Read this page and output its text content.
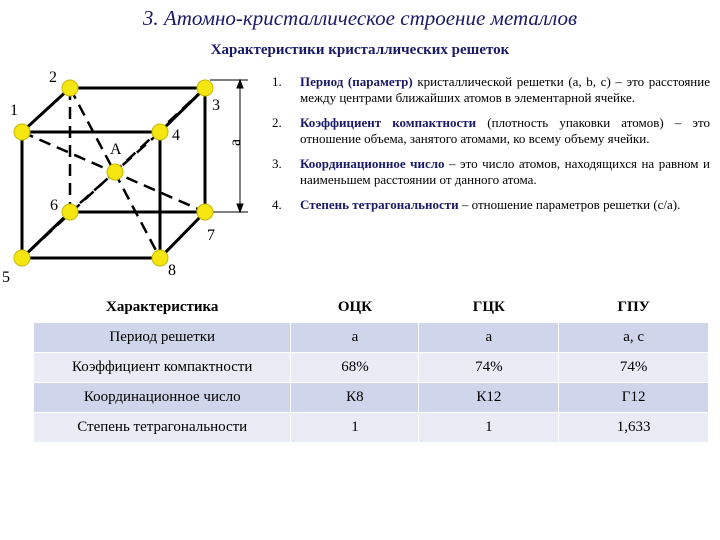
3. Атомно-кристаллическое строение металлов
Характеристики кристаллических решеток
a
2
3
1
4
А
6
7
5	8
1. Период (параметр) кристаллической решетки (а, b, с) – это расстояние между центрами ближайших атомов в элементарной ячейке.
2. Коэффициент компактности (плотность упаковки атомов) – это отношение объема, занятого атомами, ко всему объему ячейки.
3. Координационное число – это число атомов, находящихся на равном и наименьшем расстоянии от данного атома.
4. Степень тетрагональности – отношение параметров решетки (с/а).
Характеристика	ОЦК	ГЦК	ГПУ
Период решетки	а	а	а, с
Коэффициент компактности	68%	74%	74%
Координационное число	К8	К12	Г12
Степень тетрагональности	1	1	1,633
